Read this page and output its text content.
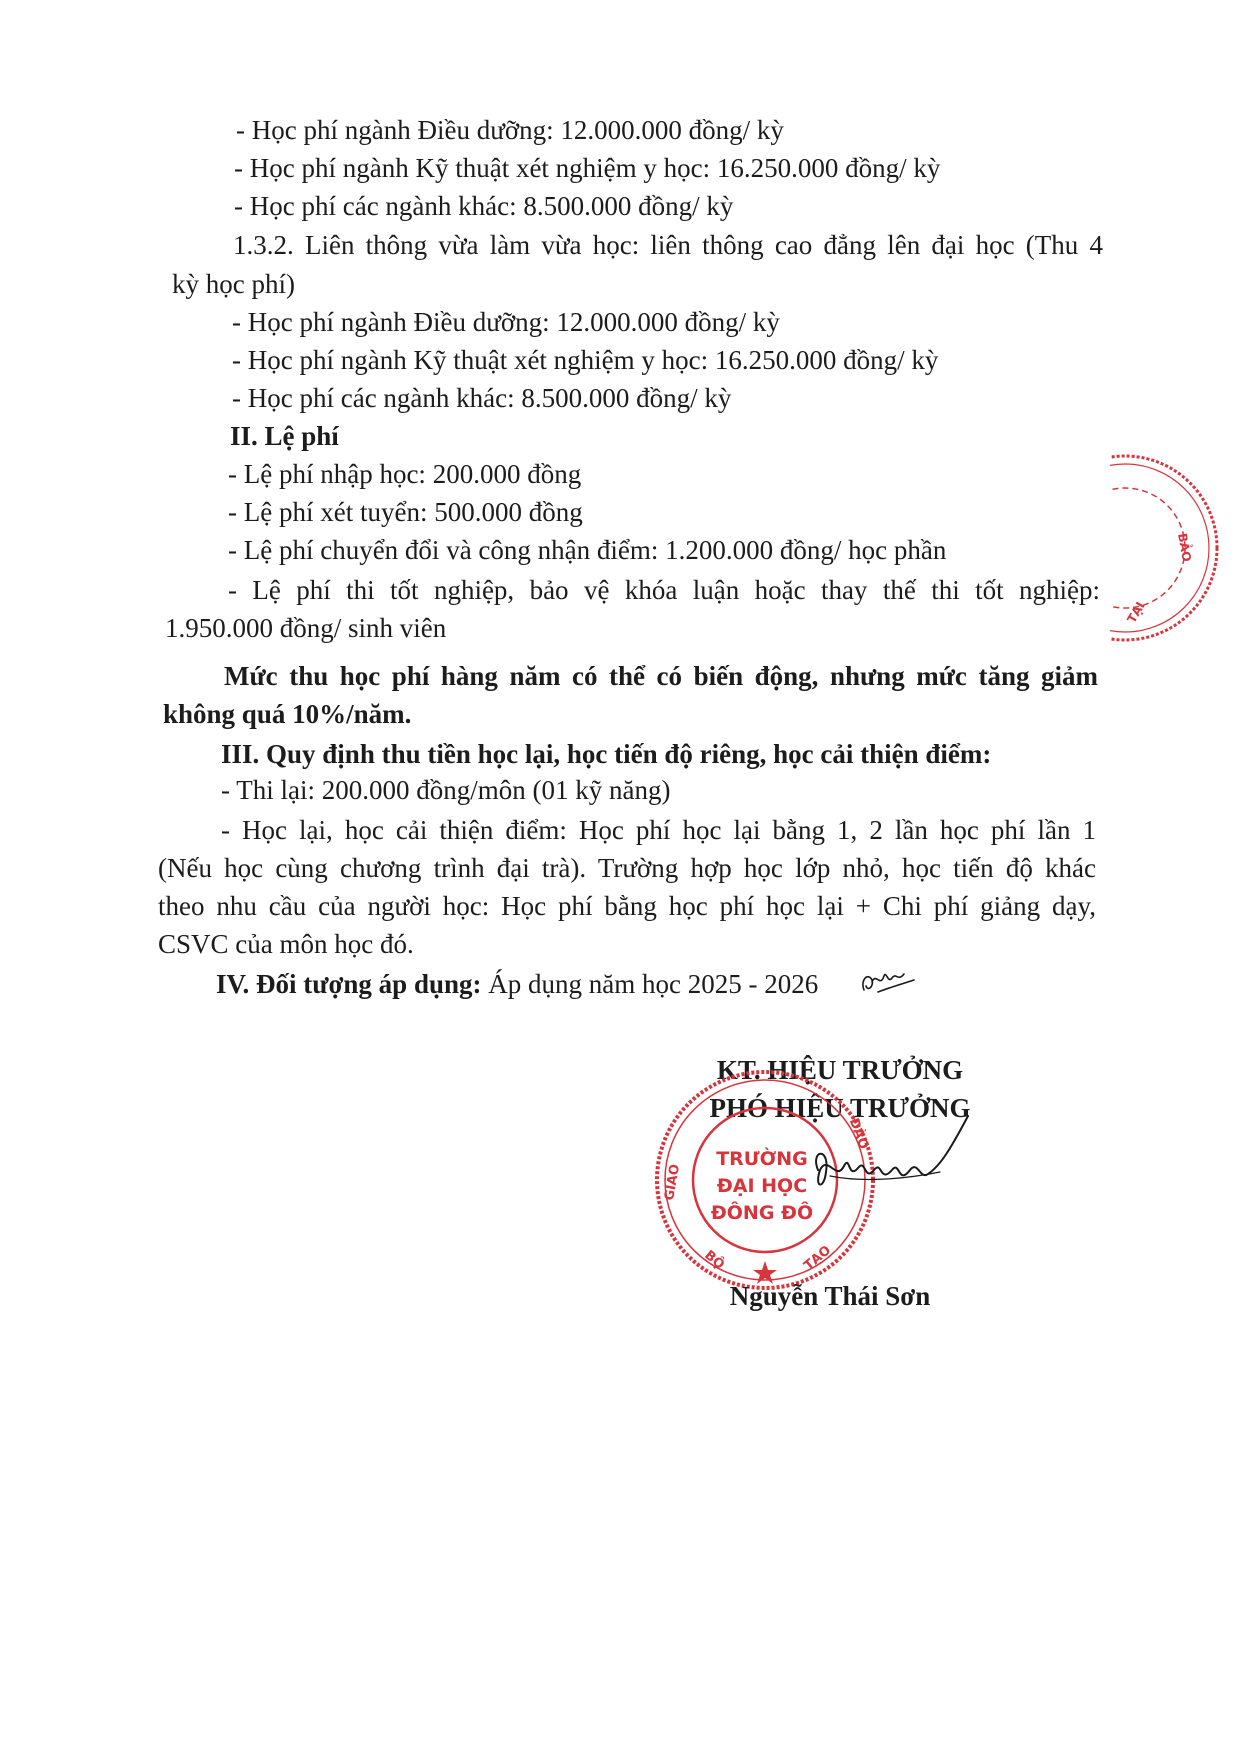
- Học phí ngành Điều dưỡng: 12.000.000 đồng/ kỳ
- Học phí ngành Kỹ thuật xét nghiệm y học: 16.250.000 đồng/ kỳ
- Học phí các ngành khác: 8.500.000 đồng/ kỳ
1.3.2. Liên thông vừa làm vừa học: liên thông cao đẳng lên đại học (Thu 4
kỳ học phí)
- Học phí ngành Điều dưỡng: 12.000.000 đồng/ kỳ
- Học phí ngành Kỹ thuật xét nghiệm y học: 16.250.000 đồng/ kỳ
- Học phí các ngành khác: 8.500.000 đồng/ kỳ
II. Lệ phí
- Lệ phí nhập học: 200.000 đồng
- Lệ phí xét tuyển: 500.000 đồng
- Lệ phí chuyển đổi và công nhận điểm: 1.200.000 đồng/ học phần
- Lệ phí thi tốt nghiệp, bảo vệ khóa luận hoặc thay thế thi tốt nghiệp:
1.950.000 đồng/ sinh viên
Mức thu học phí hàng năm có thể có biến động, nhưng mức tăng giảm
không quá 10%/năm.
III. Quy định thu tiền học lại, học tiến độ riêng, học cải thiện điểm:
- Thi lại: 200.000 đồng/môn (01 kỹ năng)
- Học lại, học cải thiện điểm: Học phí học lại bằng 1, 2 lần học phí lần 1
(Nếu học cùng chương trình đại trà). Trường hợp học lớp nhỏ, học tiến độ khác
theo nhu cầu của người học: Học phí bằng học phí học lại + Chi phí giảng dạy,
CSVC của môn học đó.
IV. Đối tượng áp dụng: Áp dụng năm học 2025 - 2026
KT. HIỆU TRƯỞNG
PHÓ HIỆU TRƯỞNG
TRƯỜNG
ĐẠI HỌC
ĐÔNG ĐÔ
GIÁO
ĐÀO
BỘ	TẠO
Nguyễn Thái Sơn
BẢO
TẠI
